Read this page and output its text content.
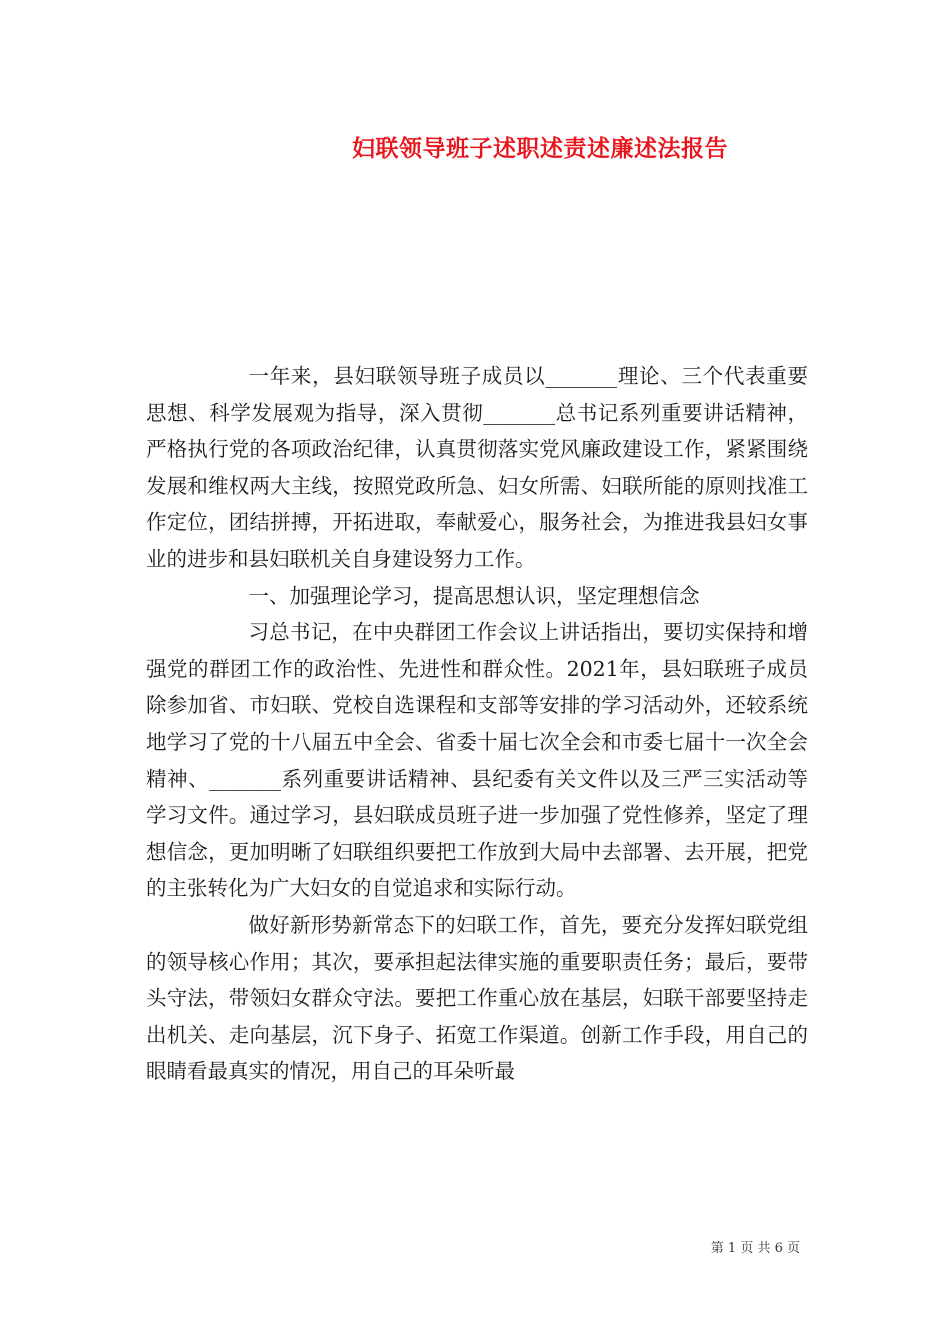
妇联领导班子述职述责述廉述法报告

一年来，县妇联领导班子成员以_______理论、三个代表重要思想、科学发展观为指导，深入贯彻_______总书记系列重要讲话精神，严格执行党的各项政治纪律，认真贯彻落实党风廉政建设工作，紧紧围绕发展和维权两大主线，按照党政所急、妇女所需、妇联所能的原则找准工作定位，团结拼搏，开拓进取，奉献爱心，服务社会，为推进我县妇女事业的进步和县妇联机关自身建设努力工作。

一、加强理论学习，提高思想认识，坚定理想信念

习总书记，在中央群团工作会议上讲话指出，要切实保持和增强党的群团工作的政治性、先进性和群众性。2021年，县妇联班子成员除参加省、市妇联、党校自选课程和支部等安排的学习活动外，还较系统地学习了党的十八届五中全会、省委十届七次全会和市委七届十一次全会精神、_______系列重要讲话精神、县纪委有关文件以及三严三实活动等学习文件。通过学习，县妇联成员班子进一步加强了党性修养，坚定了理想信念，更加明晰了妇联组织要把工作放到大局中去部署、去开展，把党的主张转化为广大妇女的自觉追求和实际行动。

做好新形势新常态下的妇联工作，首先，要充分发挥妇联党组的领导核心作用；其次，要承担起法律实施的重要职责任务；最后，要带头守法，带领妇女群众守法。要把工作重心放在基层，妇联干部要坚持走出机关、走向基层，沉下身子、拓宽工作渠道。创新工作手段，用自己的眼睛看最真实的情况，用自己的耳朵听最

第 1 页 共 6 页
